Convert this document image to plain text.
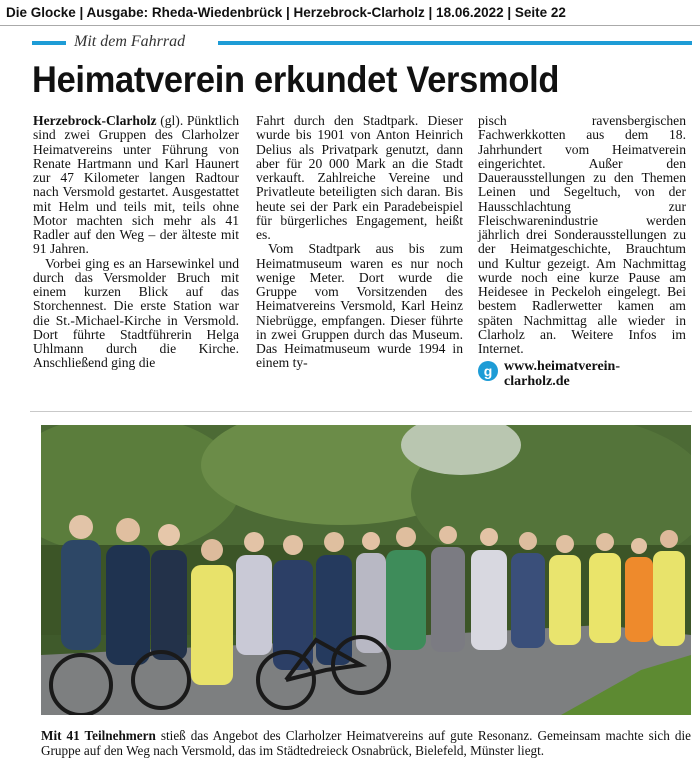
Die Glocke | Ausgabe: Rheda-Wiedenbrück | Herzebrock-Clarholz | 18.06.2022 | Seite 22
Mit dem Fahrrad
Heimatverein erkundet Versmold

Herzebrock-Clarholz (gl). Pünktlich sind zwei Gruppen des Clarholzer Heimatvereins unter Führung von Renate Hartmann und Karl Haunert zur 47 Kilometer langen Radtour nach Versmold gestartet. Ausgestattet mit Helm und teils mit, teils ohne Motor machten sich mehr als 41 Radler auf den Weg – der älteste mit 91 Jahren.

Vorbei ging es an Harsewinkel und durch das Versmolder Bruch mit einem kurzen Blick auf das Storchennest. Die erste Station war die St.-Michael-Kirche in Versmold. Dort führte Stadtführerin Helga Uhlmann durch die Kirche. Anschließend ging die

Fahrt durch den Stadtpark. Dieser wurde bis 1901 von Anton Heinrich Delius als Privatpark genutzt, dann aber für 20 000 Mark an die Stadt verkauft. Zahlreiche Vereine und Privatleute beteiligten sich daran. Bis heute sei der Park ein Paradebeispiel für bürgerliches Engagement, heißt es.

Vom Stadtpark aus bis zum Heimatmuseum waren es nur noch wenige Meter. Dort wurde die Gruppe vom Vorsitzenden des Heimatvereins Versmold, Karl Heinz Niebrügge, empfangen. Dieser führte in zwei Gruppen durch das Museum. Das Heimatmuseum wurde 1994 in einem ty-

pisch ravensbergischen Fachwerkkotten aus dem 18. Jahrhundert vom Heimatverein eingerichtet. Außer den Dauerausstellungen zu den Themen Leinen und Segeltuch, von der Hausschlachtung zur Fleischwarenindustrie werden jährlich drei Sonderausstellungen zu der Heimatgeschichte, Brauchtum und Kultur gezeigt. Am Nachmittag wurde noch eine kurze Pause am Heidesee in Peckeloh eingelegt. Bei bestem Radlerwetter kamen am späten Nachmittag alle wieder in Clarholz an. Weitere Infos im Internet.

g www.heimatverein-
clarholz.de
Mit 41 Teilnehmern stieß das Angebot des Clarholzer Heimatvereins auf gute Resonanz. Gemeinsam machte sich die Gruppe auf den Weg nach Versmold, das im Städtedreieck Osnabrück, Bielefeld, Münster liegt.
